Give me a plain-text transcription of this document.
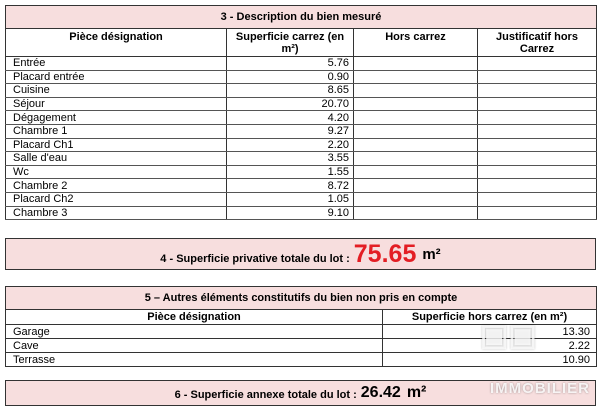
3 - Description du bien mesuré			
Pièce désignation	Superficie carrez (en m²)	Hors carrez	Justificatif hors Carrez
Entrée	5.76		
Placard entrée	0.90		
Cuisine	8.65		
Séjour	20.70		
Dégagement	4.20		
Chambre 1	9.27		
Placard Ch1	2.20		
Salle d'eau	3.55		
Wc	1.55		
Chambre 2	8.72		
Placard Ch2	1.05		
Chambre 3	9.10		
4 - Superficie privative totale du lot : 75.65 m²
5 – Autres éléments constitutifs du bien non pris en compte	
Pièce désignation	Superficie hors carrez (en m²)
Garage	13.30
Cave	2.22
Terrasse	10.90
▣▣
6 - Superficie annexe totale du lot : 26.42 m²	IMMOBILIER
